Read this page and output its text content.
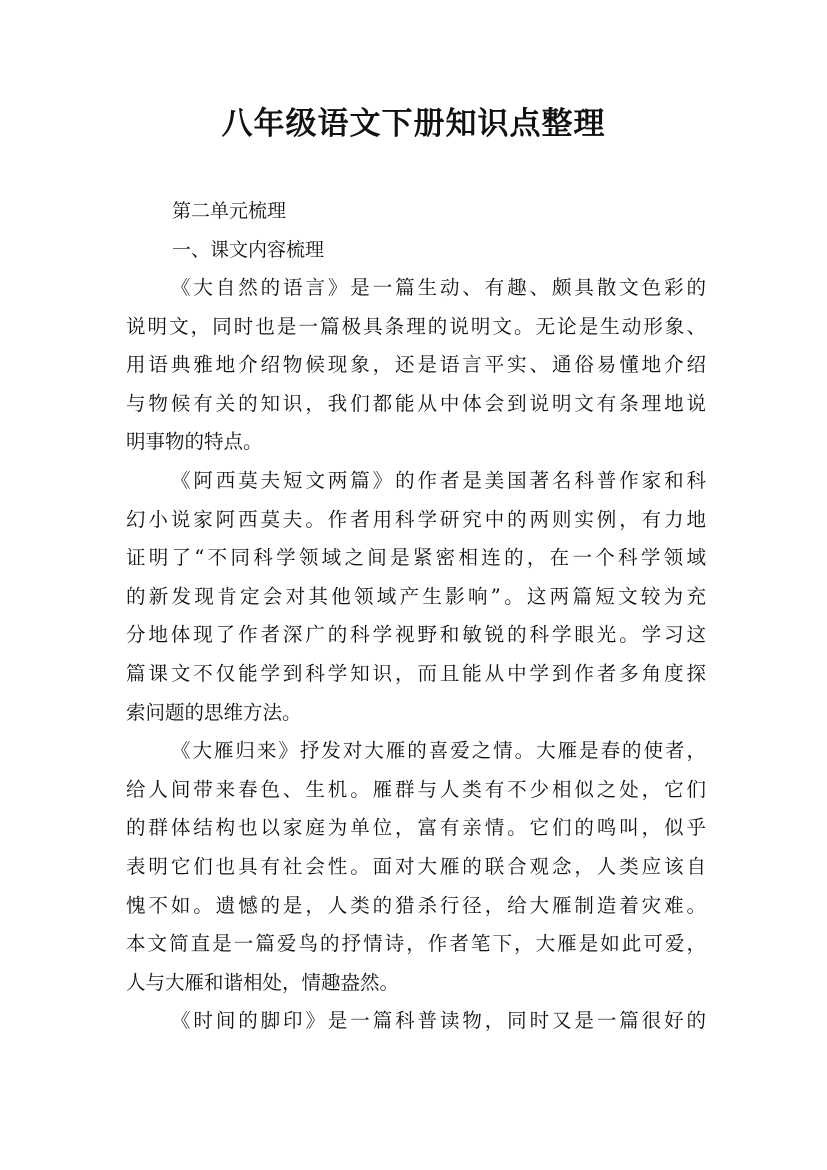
八年级语文下册知识点整理
第二单元梳理
一、课文内容梳理

《大自然的语言》是一篇生动、有趣、颇具散文色彩的
说明文，同时也是一篇极具条理的说明文。无论是生动形象、
用语典雅地介绍物候现象，还是语言平实、通俗易懂地介绍
与物候有关的知识，我们都能从中体会到说明文有条理地说
明事物的特点。

《阿西莫夫短文两篇》的作者是美国著名科普作家和科
幻小说家阿西莫夫。作者用科学研究中的两则实例，有力地
证明了“不同科学领域之间是紧密相连的，在一个科学领域
的新发现肯定会对其他领域产生影响”。这两篇短文较为充
分地体现了作者深广的科学视野和敏锐的科学眼光。学习这
篇课文不仅能学到科学知识，而且能从中学到作者多角度探
索问题的思维方法。

《大雁归来》抒发对大雁的喜爱之情。大雁是春的使者，
给人间带来春色、生机。雁群与人类有不少相似之处，它们
的群体结构也以家庭为单位，富有亲情。它们的鸣叫，似乎
表明它们也具有社会性。面对大雁的联合观念，人类应该自
愧不如。遗憾的是，人类的猎杀行径，给大雁制造着灾难。
本文简直是一篇爱鸟的抒情诗，作者笔下，大雁是如此可爱，
人与大雁和谐相处，情趣盎然。

《时间的脚印》是一篇科普读物，同时又是一篇很好的
